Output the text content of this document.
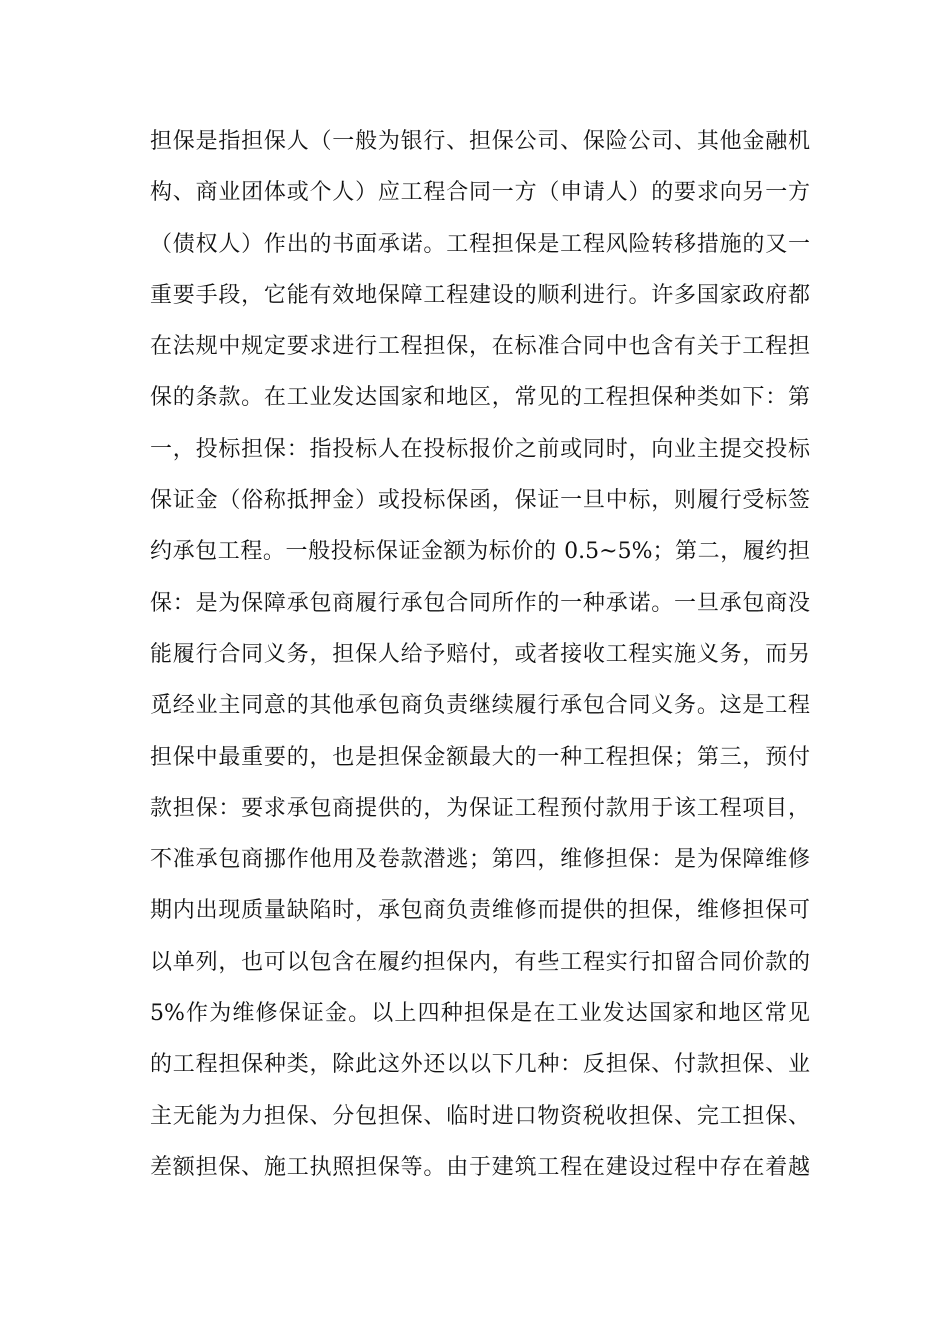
担保是指担保人（一般为银行、担保公司、保险公司、其他金融机
构、商业团体或个人）应工程合同一方（申请人）的要求向另一方
（债权人）作出的书面承诺。工程担保是工程风险转移措施的又一
重要手段，它能有效地保障工程建设的顺利进行。许多国家政府都
在法规中规定要求进行工程担保，在标准合同中也含有关于工程担
保的条款。在工业发达国家和地区，常见的工程担保种类如下：第
一，投标担保：指投标人在投标报价之前或同时，向业主提交投标
保证金（俗称抵押金）或投标保函，保证一旦中标，则履行受标签
约承包工程。一般投标保证金额为标价的 0.5~5%；第二，履约担
保：是为保障承包商履行承包合同所作的一种承诺。一旦承包商没
能履行合同义务，担保人给予赔付，或者接收工程实施义务，而另
觅经业主同意的其他承包商负责继续履行承包合同义务。这是工程
担保中最重要的，也是担保金额最大的一种工程担保；第三，预付
款担保：要求承包商提供的，为保证工程预付款用于该工程项目，
不准承包商挪作他用及卷款潜逃；第四，维修担保：是为保障维修
期内出现质量缺陷时，承包商负责维修而提供的担保，维修担保可
以单列，也可以包含在履约担保内，有些工程实行扣留合同价款的
5%作为维修保证金。以上四种担保是在工业发达国家和地区常见
的工程担保种类，除此这外还以以下几种：反担保、付款担保、业
主无能为力担保、分包担保、临时进口物资税收担保、完工担保、
差额担保、施工执照担保等。由于建筑工程在建设过程中存在着越
